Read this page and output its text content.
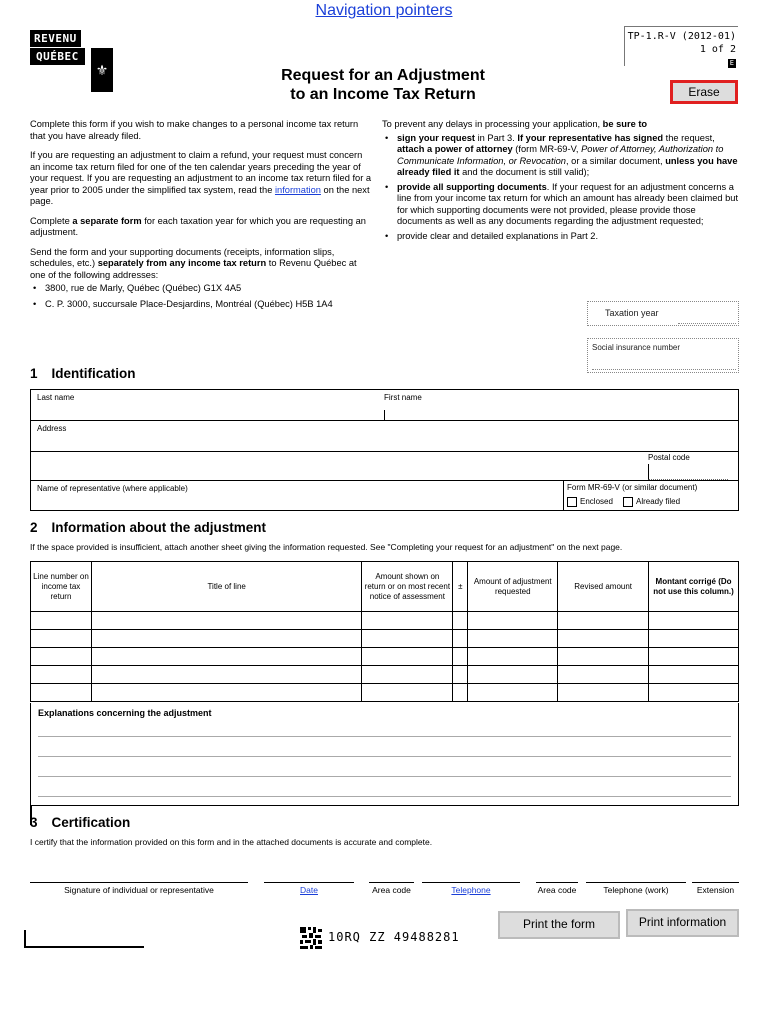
Navigation pointers
REVENU
QUÉBEC
⚜
TP-1.R-V (2012-01)
1 of 2
E
Request for an Adjustment
to an Income Tax Return	Erase

Complete this form if you wish to make changes to a personal income tax return that you have already filed.

If you are requesting an adjustment to claim a refund, your request must concern an income tax return filed for one of the ten calendar years preceding the year of your request. If you are requesting an adjustment to an income tax return filed for a year prior to 2005 under the simplified tax system, read the information on the next page.

Complete a separate form for each taxation year for which you are requesting an adjustment.

Send the form and your supporting documents (receipts, information slips, schedules, etc.) separately from any income tax return to Revenu Québec at one of the following addresses:

• 3800, rue de Marly, Québec (Québec) G1X 4A5
• C. P. 3000, succursale Place-Desjardins, Montréal (Québec) H5B 1A4
To prevent any delays in processing your application, be sure to
• sign your request in Part 3. If your representative has signed the request, attach a power of attorney (form MR-69-V, Power of Attorney, Authorization to Communicate Information, or Revocation, or a similar document, unless you have already filed it and the document is still valid);
• provide all supporting documents. If your request for an adjustment concerns a line from your income tax return for which an amount has already been claimed but for which supporting documents were not provided, please provide those documents as well as any documents regarding the adjustment requested;
• provide clear and detailed explanations in Part 2.
Taxation year
Social insurance number
1 Identification
Last name	First name
Address
Postal code
Name of representative (where applicable)	Form MR-69-V (or similar document)
Enclosed	Already filed
2 Information about the adjustment
If the space provided is insufficient, attach another sheet giving the information requested. See "Completing your request for an adjustment" on the next page.
Line number on income tax return	Title of line	Amount shown on return or on most recent notice of assessment	±	Amount of adjustment requested	Revised amount	Montant corrigé (Do not use this column.)

Explanations concerning the adjustment
3 Certification
I certify that the information provided on this form and in the attached documents is accurate and complete.
Signature of individual or representative	Date	Area code	Telephone	Area code	Telephone (work)	Extension
10RQ ZZ 49488281
Print the form	Print information
